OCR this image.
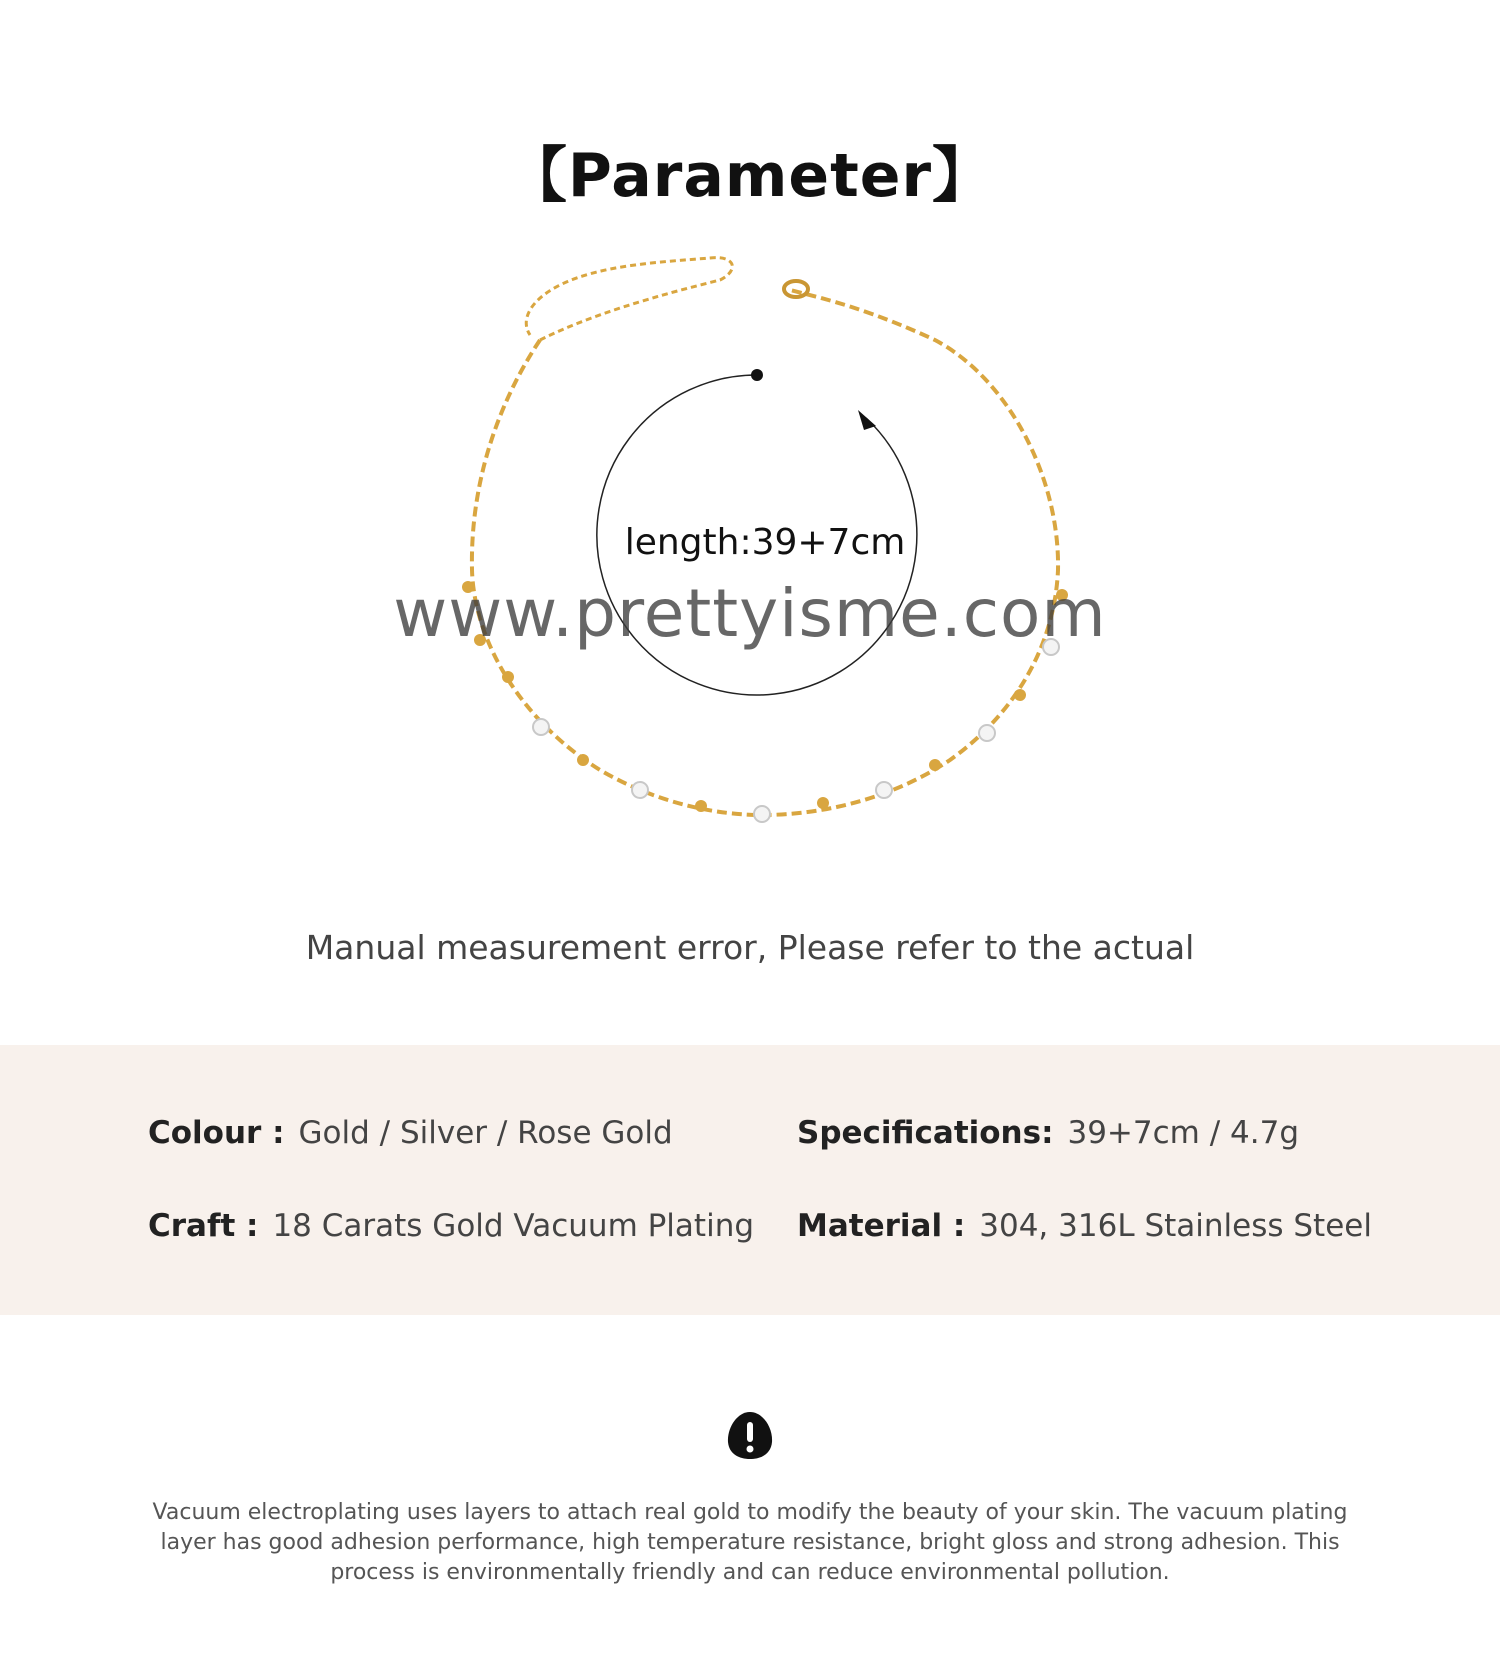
【Parameter】
length:39+7cm
www.prettyisme.com
Manual measurement error, Please refer to the actual
Colour : Gold / Silver / Rose Gold	Specifications: 39+7cm / 4.7g
Craft : 18 Carats Gold Vacuum Plating Material : 304, 316L Stainless Steel
Vacuum electroplating uses layers to attach real gold to modify the beauty of your skin. The vacuum plating layer has good adhesion performance, high temperature resistance, bright gloss and strong adhesion. This process is environmentally friendly and can reduce environmental pollution.
